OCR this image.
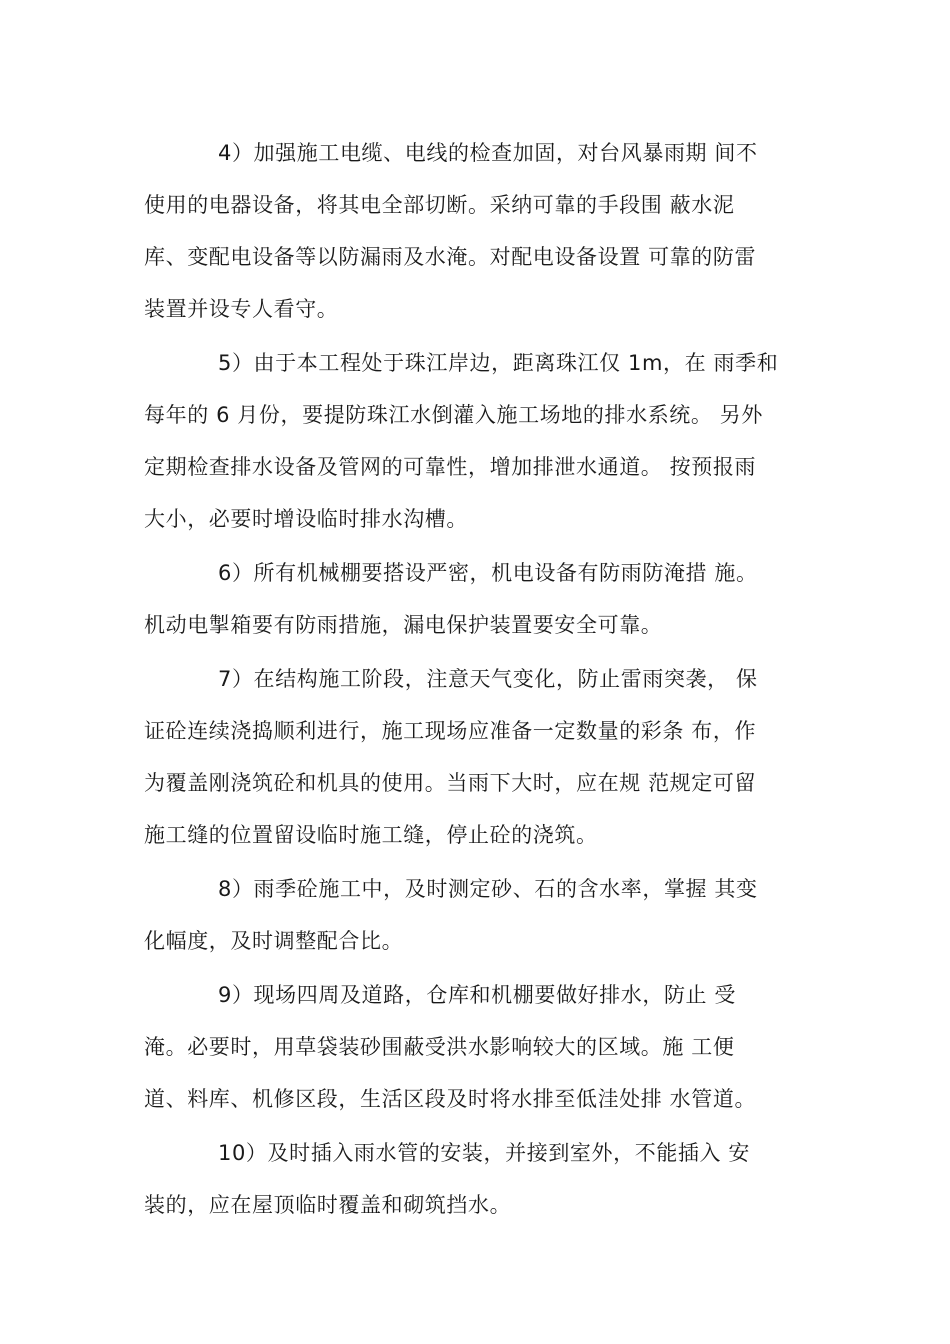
4）加强施工电缆、电线的检查加固，对台风暴雨期 间不
使用的电器设备，将其电全部切断。采纳可靠的手段围 蔽水泥
库、变配电设备等以防漏雨及水淹。对配电设备设置 可靠的防雷
装置并设专人看守。
5）由于本工程处于珠江岸边，距离珠江仅 1m，在 雨季和
每年的 6 月份，要提防珠江水倒灌入施工场地的排水系统。 另外
定期检查排水设备及管网的可靠性，增加排泄水通道。 按预报雨
大小，必要时增设临时排水沟槽。
6）所有机械棚要搭设严密，机电设备有防雨防淹措 施。
机动电掣箱要有防雨措施，漏电保护装置要安全可靠。
7）在结构施工阶段，注意天气变化，防止雷雨突袭， 保
证砼连续浇捣顺利进行，施工现场应准备一定数量的彩条 布，作
为覆盖刚浇筑砼和机具的使用。当雨下大时，应在规 范规定可留
施工缝的位置留设临时施工缝，停止砼的浇筑。
8）雨季砼施工中，及时测定砂、石的含水率，掌握 其变
化幅度，及时调整配合比。
9）现场四周及道路，仓库和机棚要做好排水，防止 受
淹。必要时，用草袋装砂围蔽受洪水影响较大的区域。施 工便
道、料库、机修区段，生活区段及时将水排至低洼处排 水管道。
10）及时插入雨水管的安装，并接到室外，不能插入 安
装的，应在屋顶临时覆盖和砌筑挡水。
